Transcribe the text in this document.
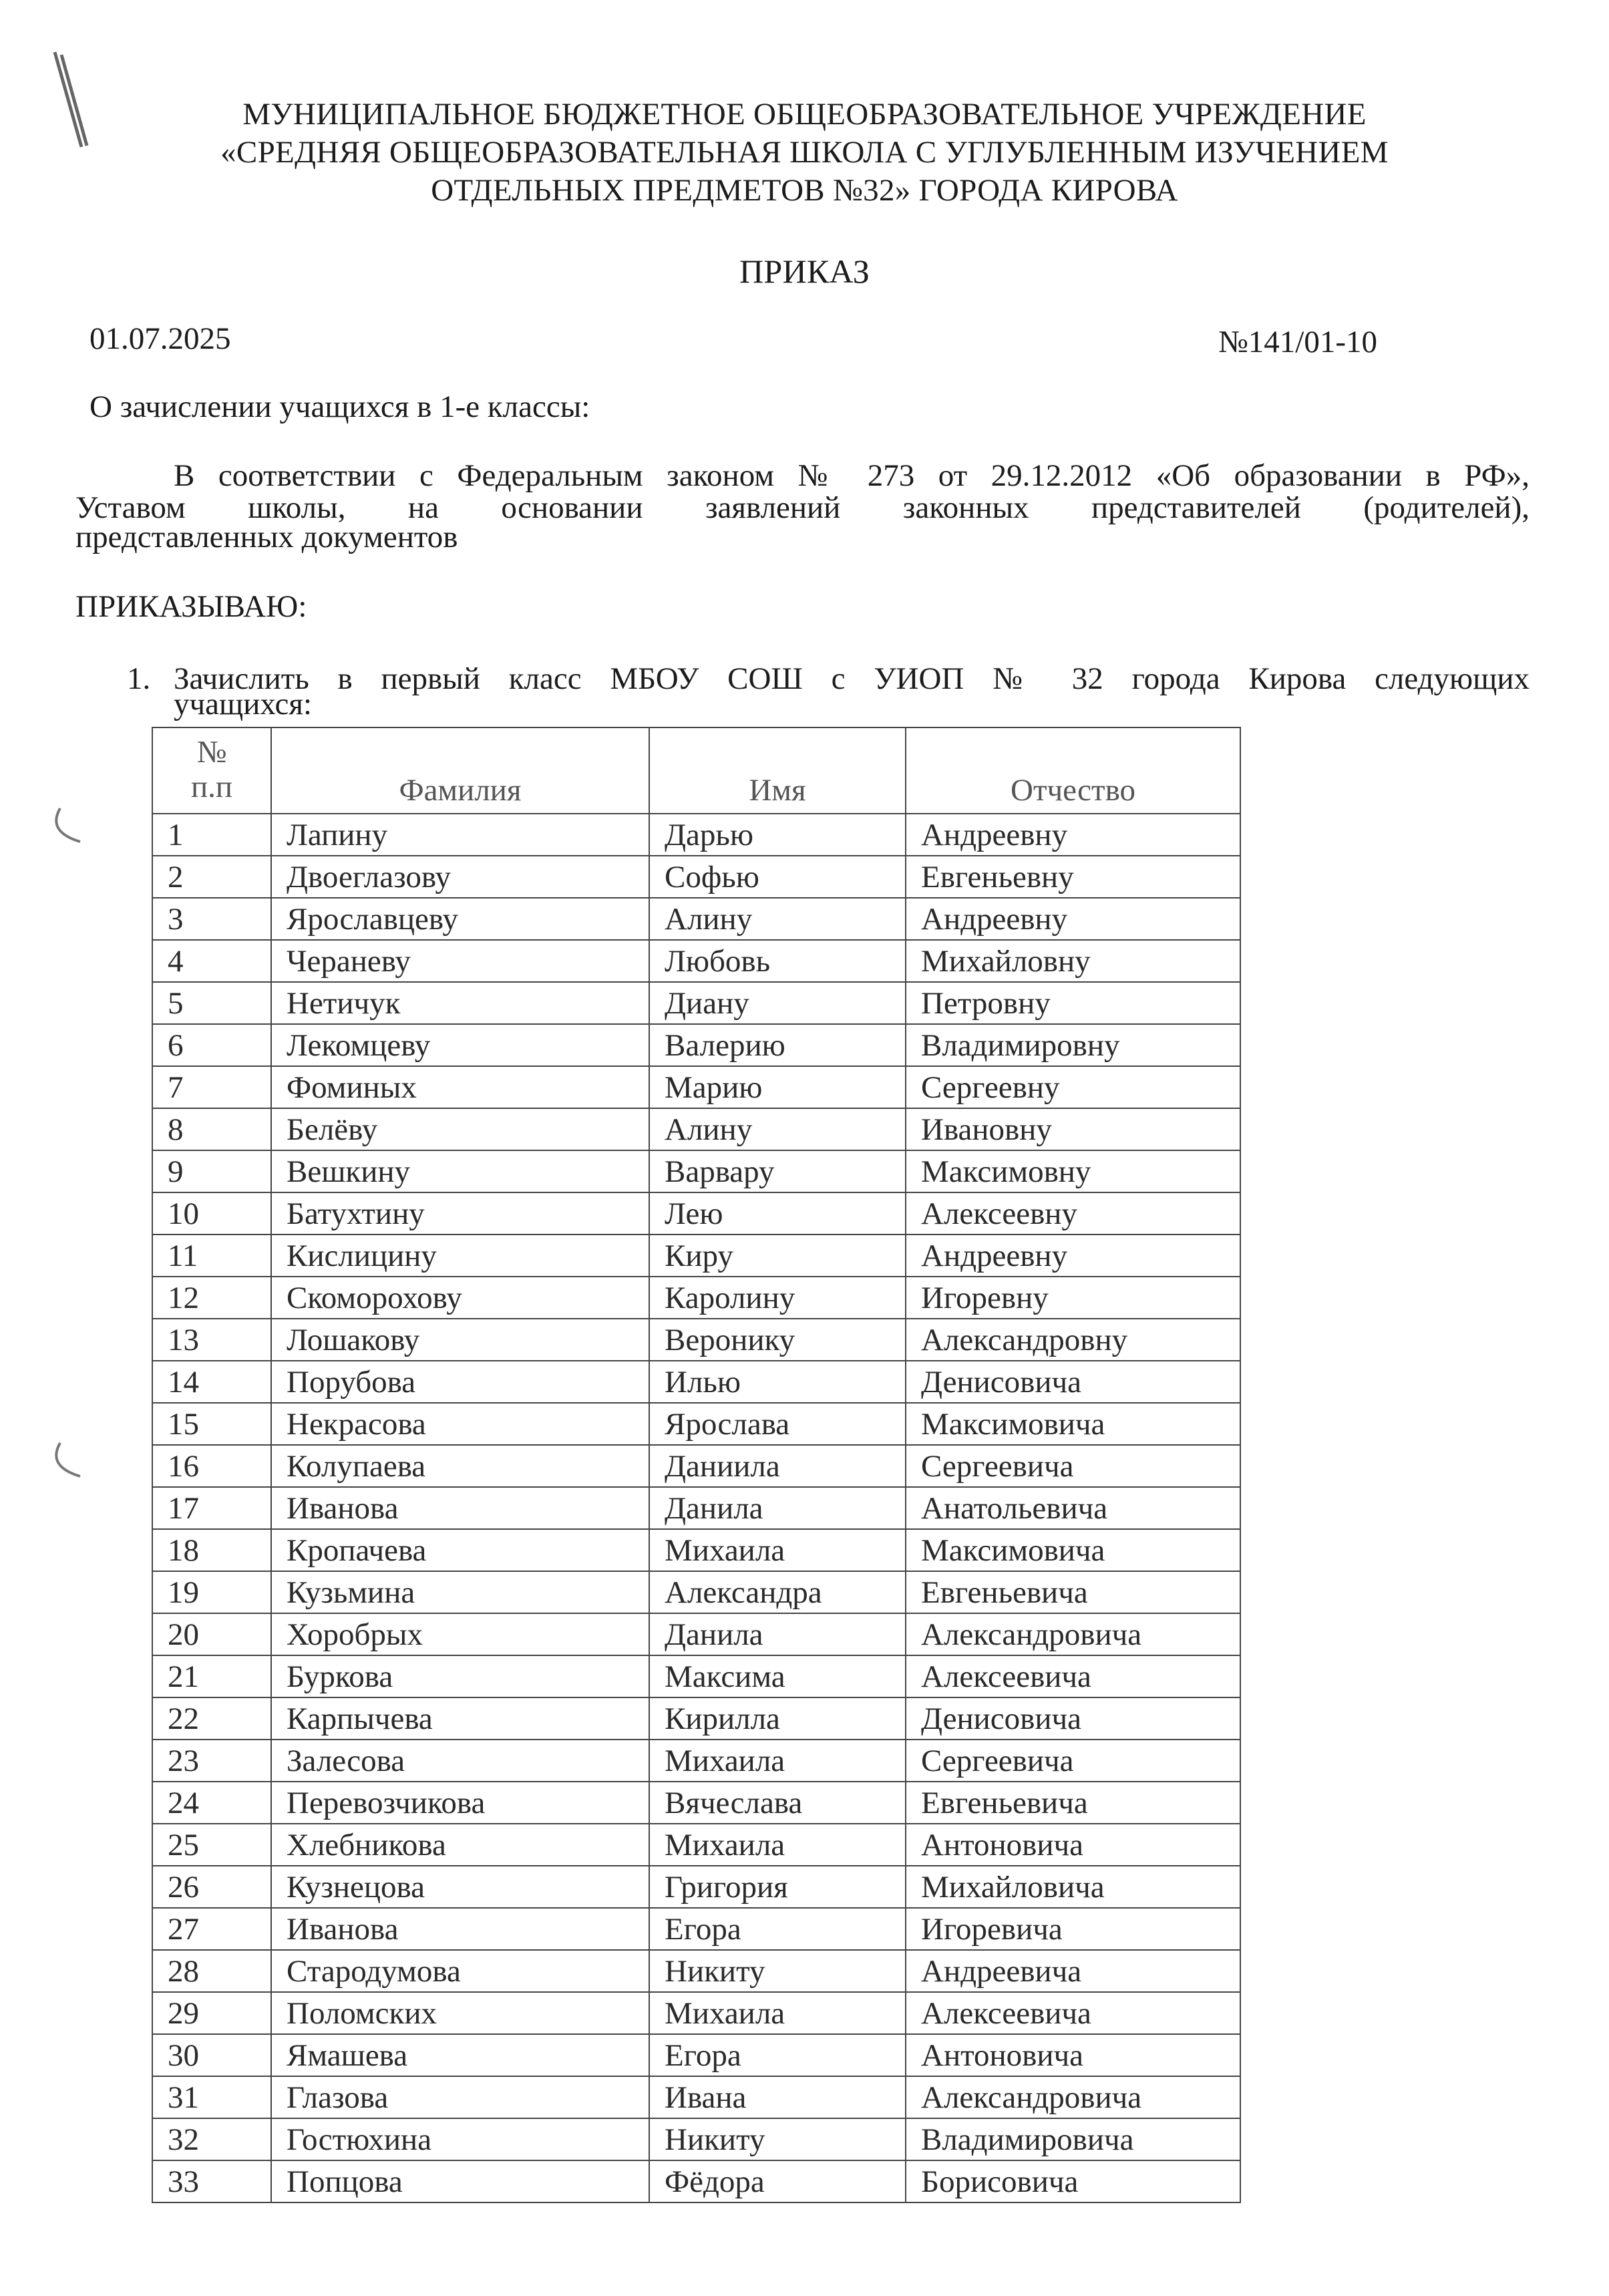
МУНИЦИПАЛЬНОЕ БЮДЖЕТНОЕ ОБЩЕОБРАЗОВАТЕЛЬНОЕ УЧРЕЖДЕНИЕ
«СРЕДНЯЯ ОБЩЕОБРАЗОВАТЕЛЬНАЯ ШКОЛА С УГЛУБЛЕННЫМ ИЗУЧЕНИЕМ
ОТДЕЛЬНЫХ ПРЕДМЕТОВ №32» ГОРОДА КИРОВА
ПРИКАЗ
01.07.2025	№141/01-10
О зачислении учащихся в 1-е классы:
В соответствии с Федеральным законом № 273 от 29.12.2012 «Об образовании в РФ»,
Уставом школы, на основании заявлений законных представителей (родителей),
представленных документов
ПРИКАЗЫВАЮ:
1. Зачислить в первый класс МБОУ СОШ с УИОП № 32 города Кирова следующих
учащихся:
№
п.п	Фамилия	Имя	Отчество
1	Лапину	Дарью	Андреевну
2	Двоеглазову	Софью	Евгеньевну
3	Ярославцеву	Алину	Андреевну
4	Чераневу	Любовь	Михайловну
5	Нетичук	Диану	Петровну
6	Лекомцеву	Валерию	Владимировну
7	Фоминых	Марию	Сергеевну
8	Белёву	Алину	Ивановну
9	Вешкину	Варвару	Максимовну
10	Батухтину	Лею	Алексеевну
11	Кислицину	Киру	Андреевну
12	Скоморохову	Каролину	Игоревну
13	Лошакову	Веронику	Александровну
14	Порубова	Илью	Денисовича
15	Некрасова	Ярослава	Максимовича
16	Колупаева	Даниила	Сергеевича
17	Иванова	Данила	Анатольевича
18	Кропачева	Михаила	Максимовича
19	Кузьмина	Александра	Евгеньевича
20	Хоробрых	Данила	Александровича
21	Буркова	Максима	Алексеевича
22	Карпычева	Кирилла	Денисовича
23	Залесова	Михаила	Сергеевича
24	Перевозчикова	Вячеслава	Евгеньевича
25	Хлебникова	Михаила	Антоновича
26	Кузнецова	Григория	Михайловича
27	Иванова	Егора	Игоревича
28	Стародумова	Никиту	Андреевича
29	Поломских	Михаила	Алексеевича
30	Ямашева	Егора	Антоновича
31	Глазова	Ивана	Александровича
32	Гостюхина	Никиту	Владимировича
33	Попцова	Фёдора	Борисовича
